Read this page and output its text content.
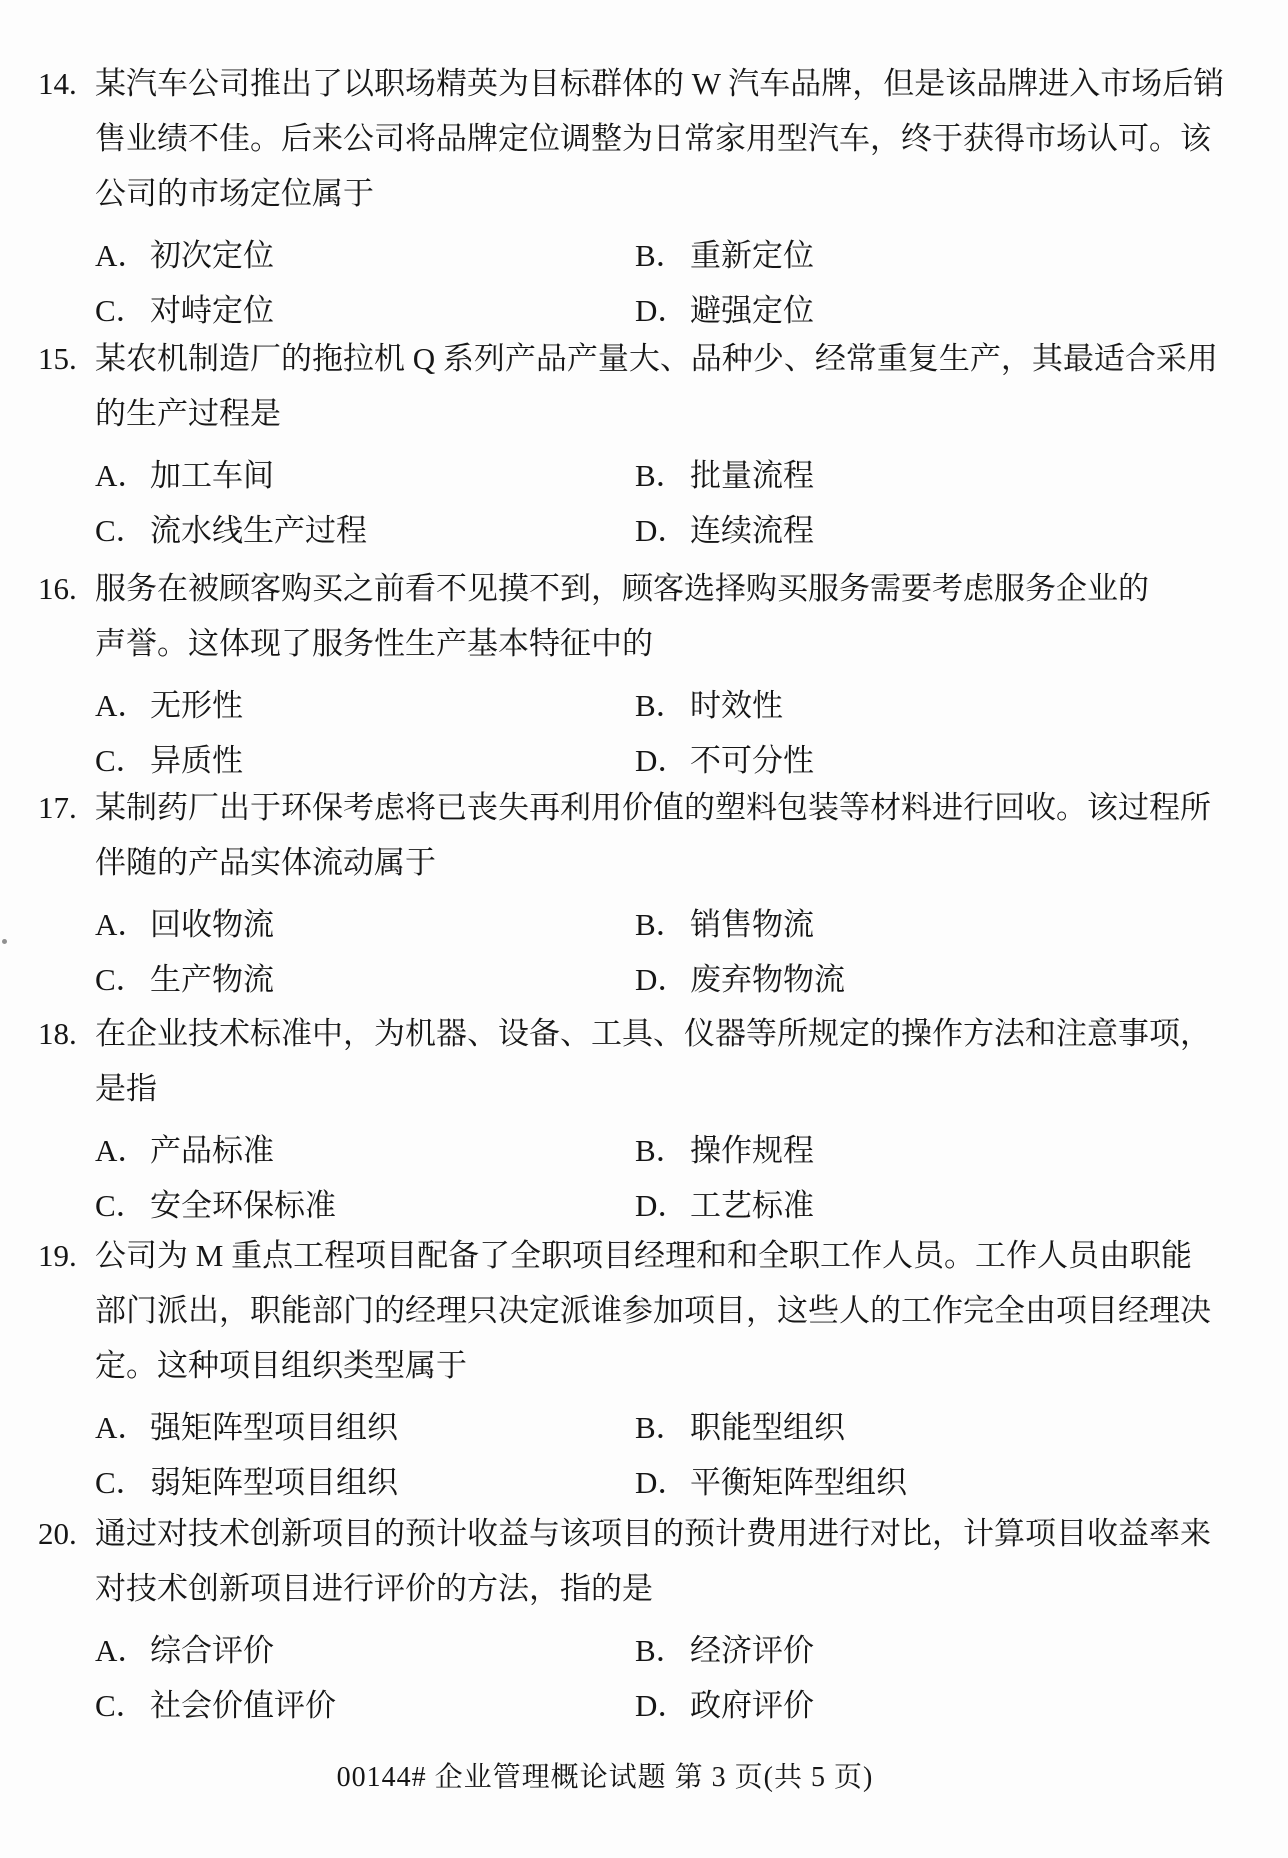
14. 某汽车公司推出了以职场精英为目标群体的 W 汽车品牌，但是该品牌进入市场后销
售业绩不佳。后来公司将品牌定位调整为日常家用型汽车，终于获得市场认可。该
公司的市场定位属于
A．初次定位	B． 重新定位
C． 对峙定位	D．避强定位
15. 某农机制造厂的拖拉机 Q 系列产品产量大、品种少、经常重复生产，其最适合采用
的生产过程是
A．加工车间	B． 批量流程
C． 流水线生产过程	D．连续流程
16. 服务在被顾客购买之前看不见摸不到，顾客选择购买服务需要考虑服务企业的
声誉。这体现了服务性生产基本特征中的
A．无形性	B． 时效性
C． 异质性	D．不可分性
17. 某制药厂出于环保考虑将已丧失再利用价值的塑料包装等材料进行回收。该过程所
伴随的产品实体流动属于
A．回收物流	B． 销售物流
C． 生产物流	D．废弃物物流
18. 在企业技术标准中，为机器、设备、工具、仪器等所规定的操作方法和注意事项，
是指
A．产品标准	B． 操作规程
C． 安全环保标准	D．工艺标准
19. 公司为 M 重点工程项目配备了全职项目经理和和全职工作人员。工作人员由职能
部门派出，职能部门的经理只决定派谁参加项目，这些人的工作完全由项目经理决
定。这种项目组织类型属于
A．强矩阵型项目组织	B． 职能型组织
C． 弱矩阵型项目组织	D．平衡矩阵型组织
20. 通过对技术创新项目的预计收益与该项目的预计费用进行对比，计算项目收益率来
对技术创新项目进行评价的方法，指的是
A．综合评价	B． 经济评价
C． 社会价值评价	D．政府评价
00144# 企业管理概论试题 第 3 页(共 5 页)
